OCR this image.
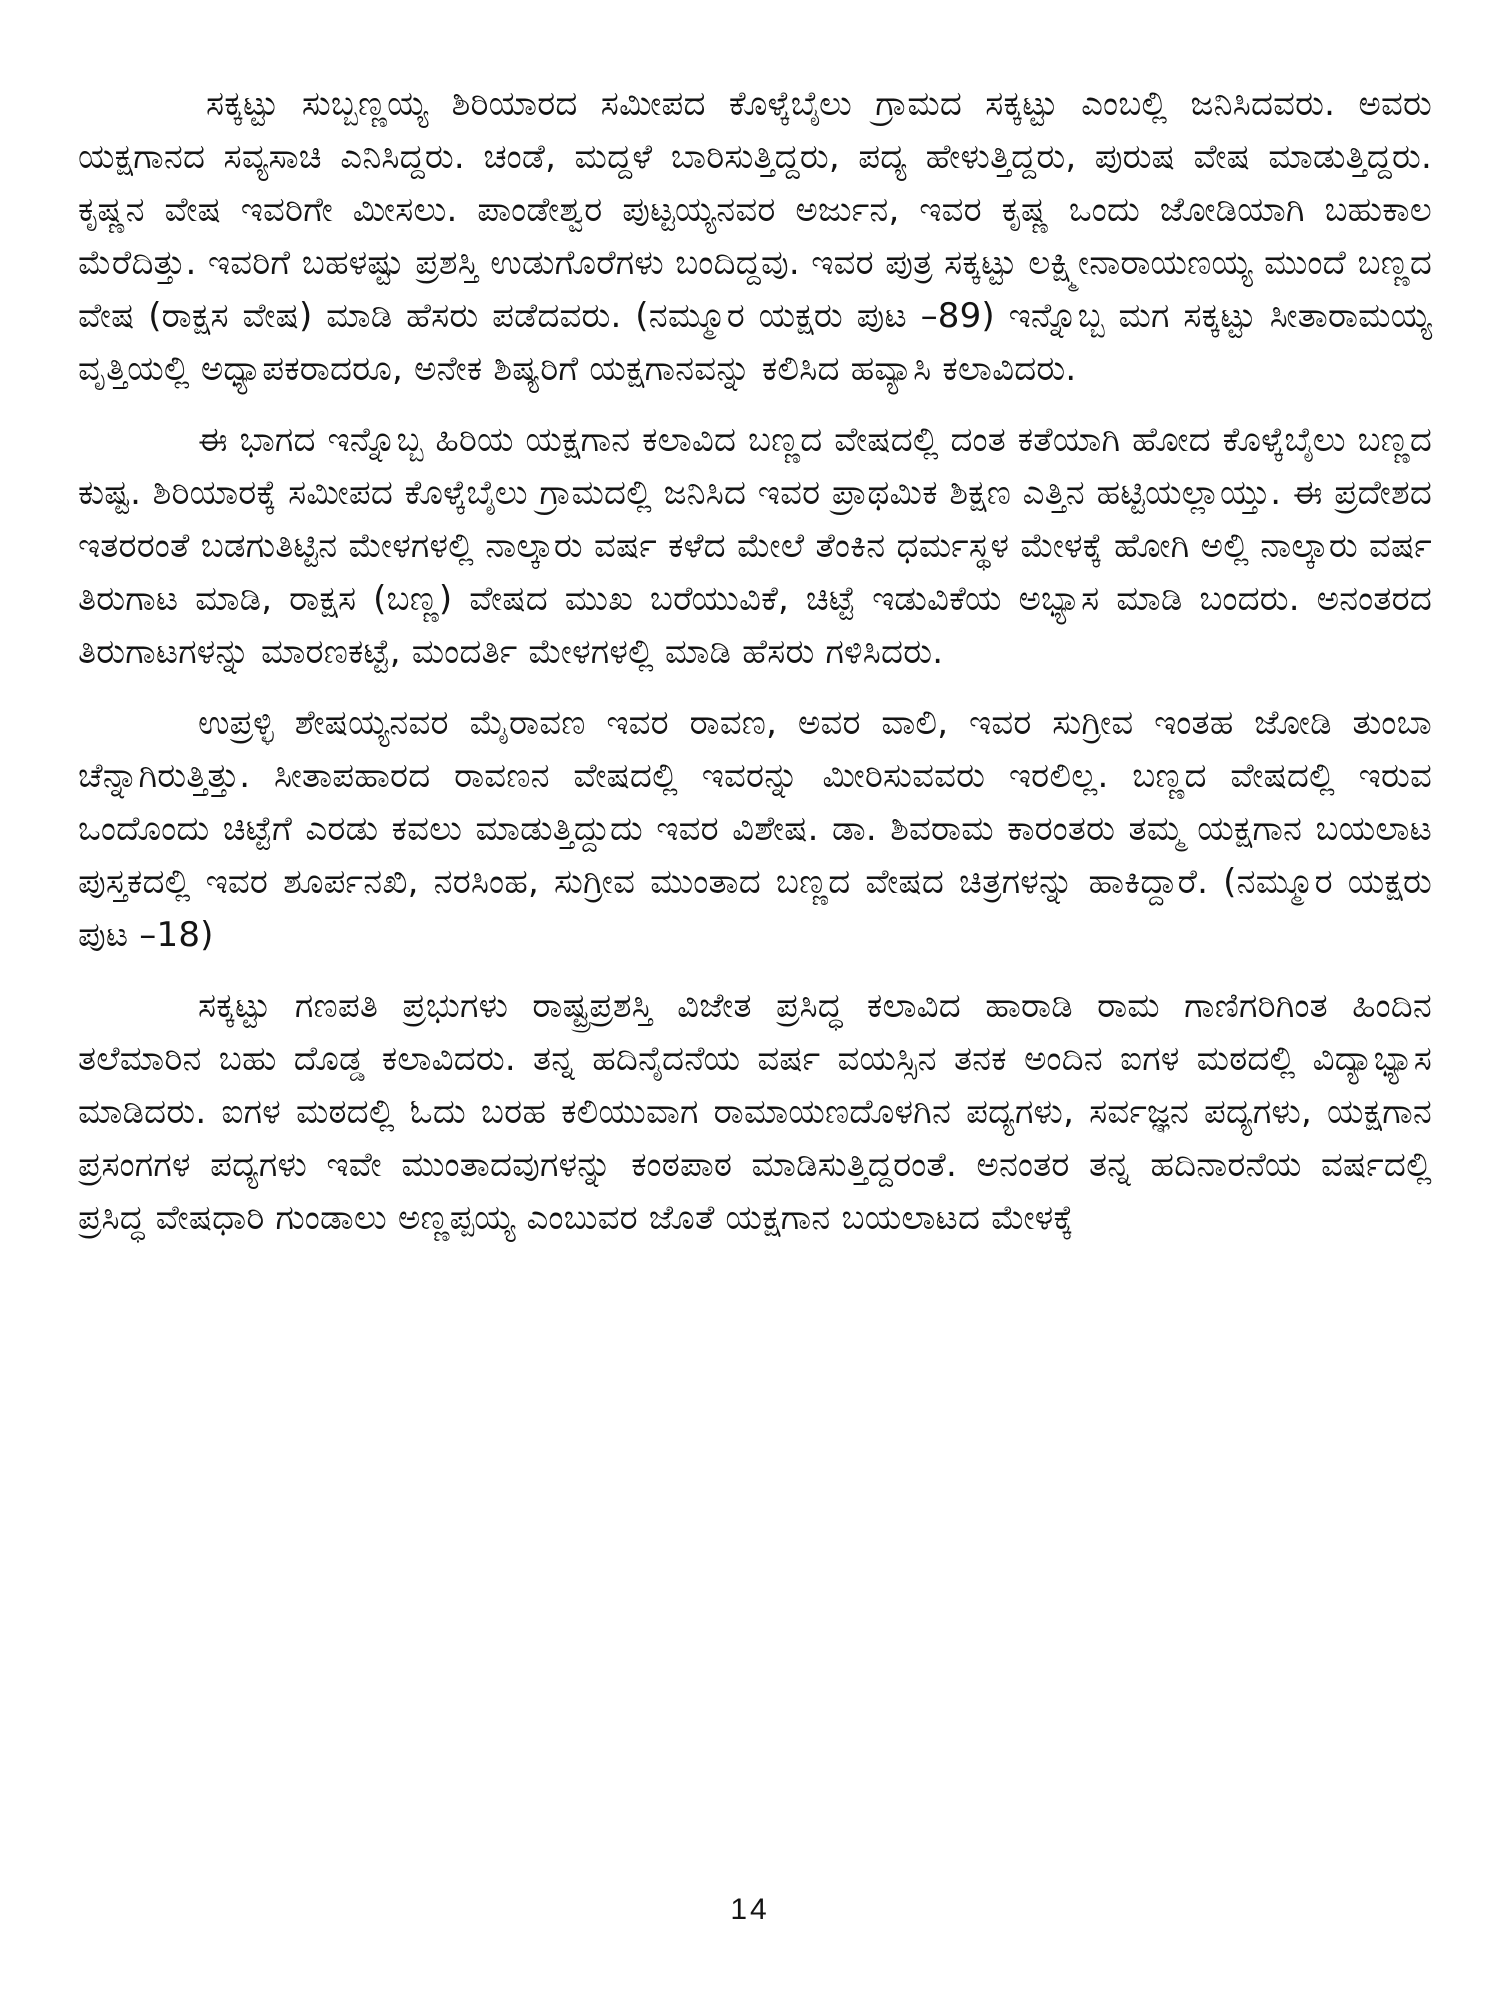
ಸಕ್ಕಟ್ಟು ಸುಬ್ಬಣ್ಣಯ್ಯ ಶಿರಿಯಾರದ ಸಮೀಪದ ಕೊಳ್ಕೆಬೈಲು ಗ್ರಾಮದ ಸಕ್ಕಟ್ಟು ಎಂಬಲ್ಲಿ ಜನಿಸಿದವರು. ಅವರು ಯಕ್ಷಗಾನದ ಸವ್ಯಸಾಚಿ ಎನಿಸಿದ್ದರು. ಚಂಡೆ, ಮದ್ದಳೆ ಬಾರಿಸುತ್ತಿದ್ದರು, ಪದ್ಯ ಹೇಳುತ್ತಿದ್ದರು, ಪುರುಷ ವೇಷ ಮಾಡುತ್ತಿದ್ದರು. ಕೃಷ್ಣನ ವೇಷ ಇವರಿಗೇ ಮೀಸಲು. ಪಾಂಡೇಶ್ವರ ಪುಟ್ಟಯ್ಯನವರ ಅರ್ಜುನ, ಇವರ ಕೃಷ್ಣ ಒಂದು ಜೋಡಿಯಾಗಿ ಬಹುಕಾಲ ಮೆರೆದಿತ್ತು. ಇವರಿಗೆ ಬಹಳಷ್ಟು ಪ್ರಶಸ್ತಿ ಉಡುಗೊರೆಗಳು ಬಂದಿದ್ದವು. ಇವರ ಪುತ್ರ ಸಕ್ಕಟ್ಟು ಲಕ್ಷ್ಮೀನಾರಾಯಣಯ್ಯ ಮುಂದೆ ಬಣ್ಣದ ವೇಷ (ರಾಕ್ಷಸ ವೇಷ) ಮಾಡಿ ಹೆಸರು ಪಡೆದವರು. (ನಮ್ಮೂರ ಯಕ್ಷರು ಪುಟ –89) ಇನ್ನೊಬ್ಬ ಮಗ ಸಕ್ಕಟ್ಟು ಸೀತಾರಾಮಯ್ಯ ವೃತ್ತಿಯಲ್ಲಿ ಅಧ್ಯಾಪಕರಾದರೂ, ಅನೇಕ ಶಿಷ್ಯರಿಗೆ ಯಕ್ಷಗಾನವನ್ನು ಕಲಿಸಿದ ಹವ್ಯಾಸಿ ಕಲಾವಿದರು.

ಈ ಭಾಗದ ಇನ್ನೊಬ್ಬ ಹಿರಿಯ ಯಕ್ಷಗಾನ ಕಲಾವಿದ ಬಣ್ಣದ ವೇಷದಲ್ಲಿ ದಂತ ಕತೆಯಾಗಿ ಹೋದ ಕೊಳ್ಕೆಬೈಲು ಬಣ್ಣದ ಕುಷ್ಟ. ಶಿರಿಯಾರಕ್ಕೆ ಸಮೀಪದ ಕೊಳ್ಕೆಬೈಲು ಗ್ರಾಮದಲ್ಲಿ ಜನಿಸಿದ ಇವರ ಪ್ರಾಥಮಿಕ ಶಿಕ್ಷಣ ಎತ್ತಿನ ಹಟ್ಟಿಯಲ್ಲಾಯ್ತು. ಈ ಪ್ರದೇಶದ ಇತರರಂತೆ ಬಡಗುತಿಟ್ಟಿನ ಮೇಳಗಳಲ್ಲಿ ನಾಲ್ಕಾರು ವರ್ಷ ಕಳೆದ ಮೇಲೆ ತೆಂಕಿನ ಧರ್ಮಸ್ಥಳ ಮೇಳಕ್ಕೆ ಹೋಗಿ ಅಲ್ಲಿ ನಾಲ್ಕಾರು ವರ್ಷ ತಿರುಗಾಟ ಮಾಡಿ, ರಾಕ್ಷಸ (ಬಣ್ಣ) ವೇಷದ ಮುಖ ಬರೆಯುವಿಕೆ, ಚಿಟ್ಟೆ ಇಡುವಿಕೆಯ ಅಭ್ಯಾಸ ಮಾಡಿ ಬಂದರು. ಅನಂತರದ ತಿರುಗಾಟಗಳನ್ನು ಮಾರಣಕಟ್ಟೆ, ಮಂದರ್ತಿ ಮೇಳಗಳಲ್ಲಿ ಮಾಡಿ ಹೆಸರು ಗಳಿಸಿದರು.

ಉಪ್ರಳ್ಳಿ ಶೇಷಯ್ಯನವರ ಮೈರಾವಣ ಇವರ ರಾವಣ, ಅವರ ವಾಲಿ, ಇವರ ಸುಗ್ರೀವ ಇಂತಹ ಜೋಡಿ ತುಂಬಾ ಚೆನ್ನಾಗಿರುತ್ತಿತ್ತು. ಸೀತಾಪಹಾರದ ರಾವಣನ ವೇಷದಲ್ಲಿ ಇವರನ್ನು ಮೀರಿಸುವವರು ಇರಲಿಲ್ಲ. ಬಣ್ಣದ ವೇಷದಲ್ಲಿ ಇರುವ ಒಂದೊಂದು ಚಿಟ್ಟೆಗೆ ಎರಡು ಕವಲು ಮಾಡುತ್ತಿದ್ದುದು ಇವರ ವಿಶೇಷ. ಡಾ. ಶಿವರಾಮ ಕಾರಂತರು ತಮ್ಮ ಯಕ್ಷಗಾನ ಬಯಲಾಟ ಪುಸ್ತಕದಲ್ಲಿ ಇವರ ಶೂರ್ಪನಖಿ, ನರಸಿಂಹ, ಸುಗ್ರೀವ ಮುಂತಾದ ಬಣ್ಣದ ವೇಷದ ಚಿತ್ರಗಳನ್ನು ಹಾಕಿದ್ದಾರೆ. (ನಮ್ಮೂರ ಯಕ್ಷರು ಪುಟ –18)

ಸಕ್ಕಟ್ಟು ಗಣಪತಿ ಪ್ರಭುಗಳು ರಾಷ್ಟ್ರಪ್ರಶಸ್ತಿ ವಿಜೇತ ಪ್ರಸಿದ್ಧ ಕಲಾವಿದ ಹಾರಾಡಿ ರಾಮ ಗಾಣಿಗರಿಗಿಂತ ಹಿಂದಿನ ತಲೆಮಾರಿನ ಬಹು ದೊಡ್ಡ ಕಲಾವಿದರು. ತನ್ನ ಹದಿನೈದನೆಯ ವರ್ಷ ವಯಸ್ಸಿನ ತನಕ ಅಂದಿನ ಐಗಳ ಮಠದಲ್ಲಿ ವಿದ್ಯಾಭ್ಯಾಸ ಮಾಡಿದರು. ಐಗಳ ಮಠದಲ್ಲಿ ಓದು ಬರಹ ಕಲಿಯುವಾಗ ರಾಮಾಯಣದೊಳಗಿನ ಪದ್ಯಗಳು, ಸರ್ವಜ್ಞನ ಪದ್ಯಗಳು, ಯಕ್ಷಗಾನ ಪ್ರಸಂಗಗಳ ಪದ್ಯಗಳು ಇವೇ ಮುಂತಾದವುಗಳನ್ನು ಕಂಠಪಾಠ ಮಾಡಿಸುತ್ತಿದ್ದರಂತೆ. ಅನಂತರ ತನ್ನ ಹದಿನಾರನೆಯ ವರ್ಷದಲ್ಲಿ ಪ್ರಸಿದ್ಧ ವೇಷಧಾರಿ ಗುಂಡಾಲು ಅಣ್ಣಪ್ಪಯ್ಯ ಎಂಬುವರ ಜೊತೆ ಯಕ್ಷಗಾನ ಬಯಲಾಟದ ಮೇಳಕ್ಕೆ

14
